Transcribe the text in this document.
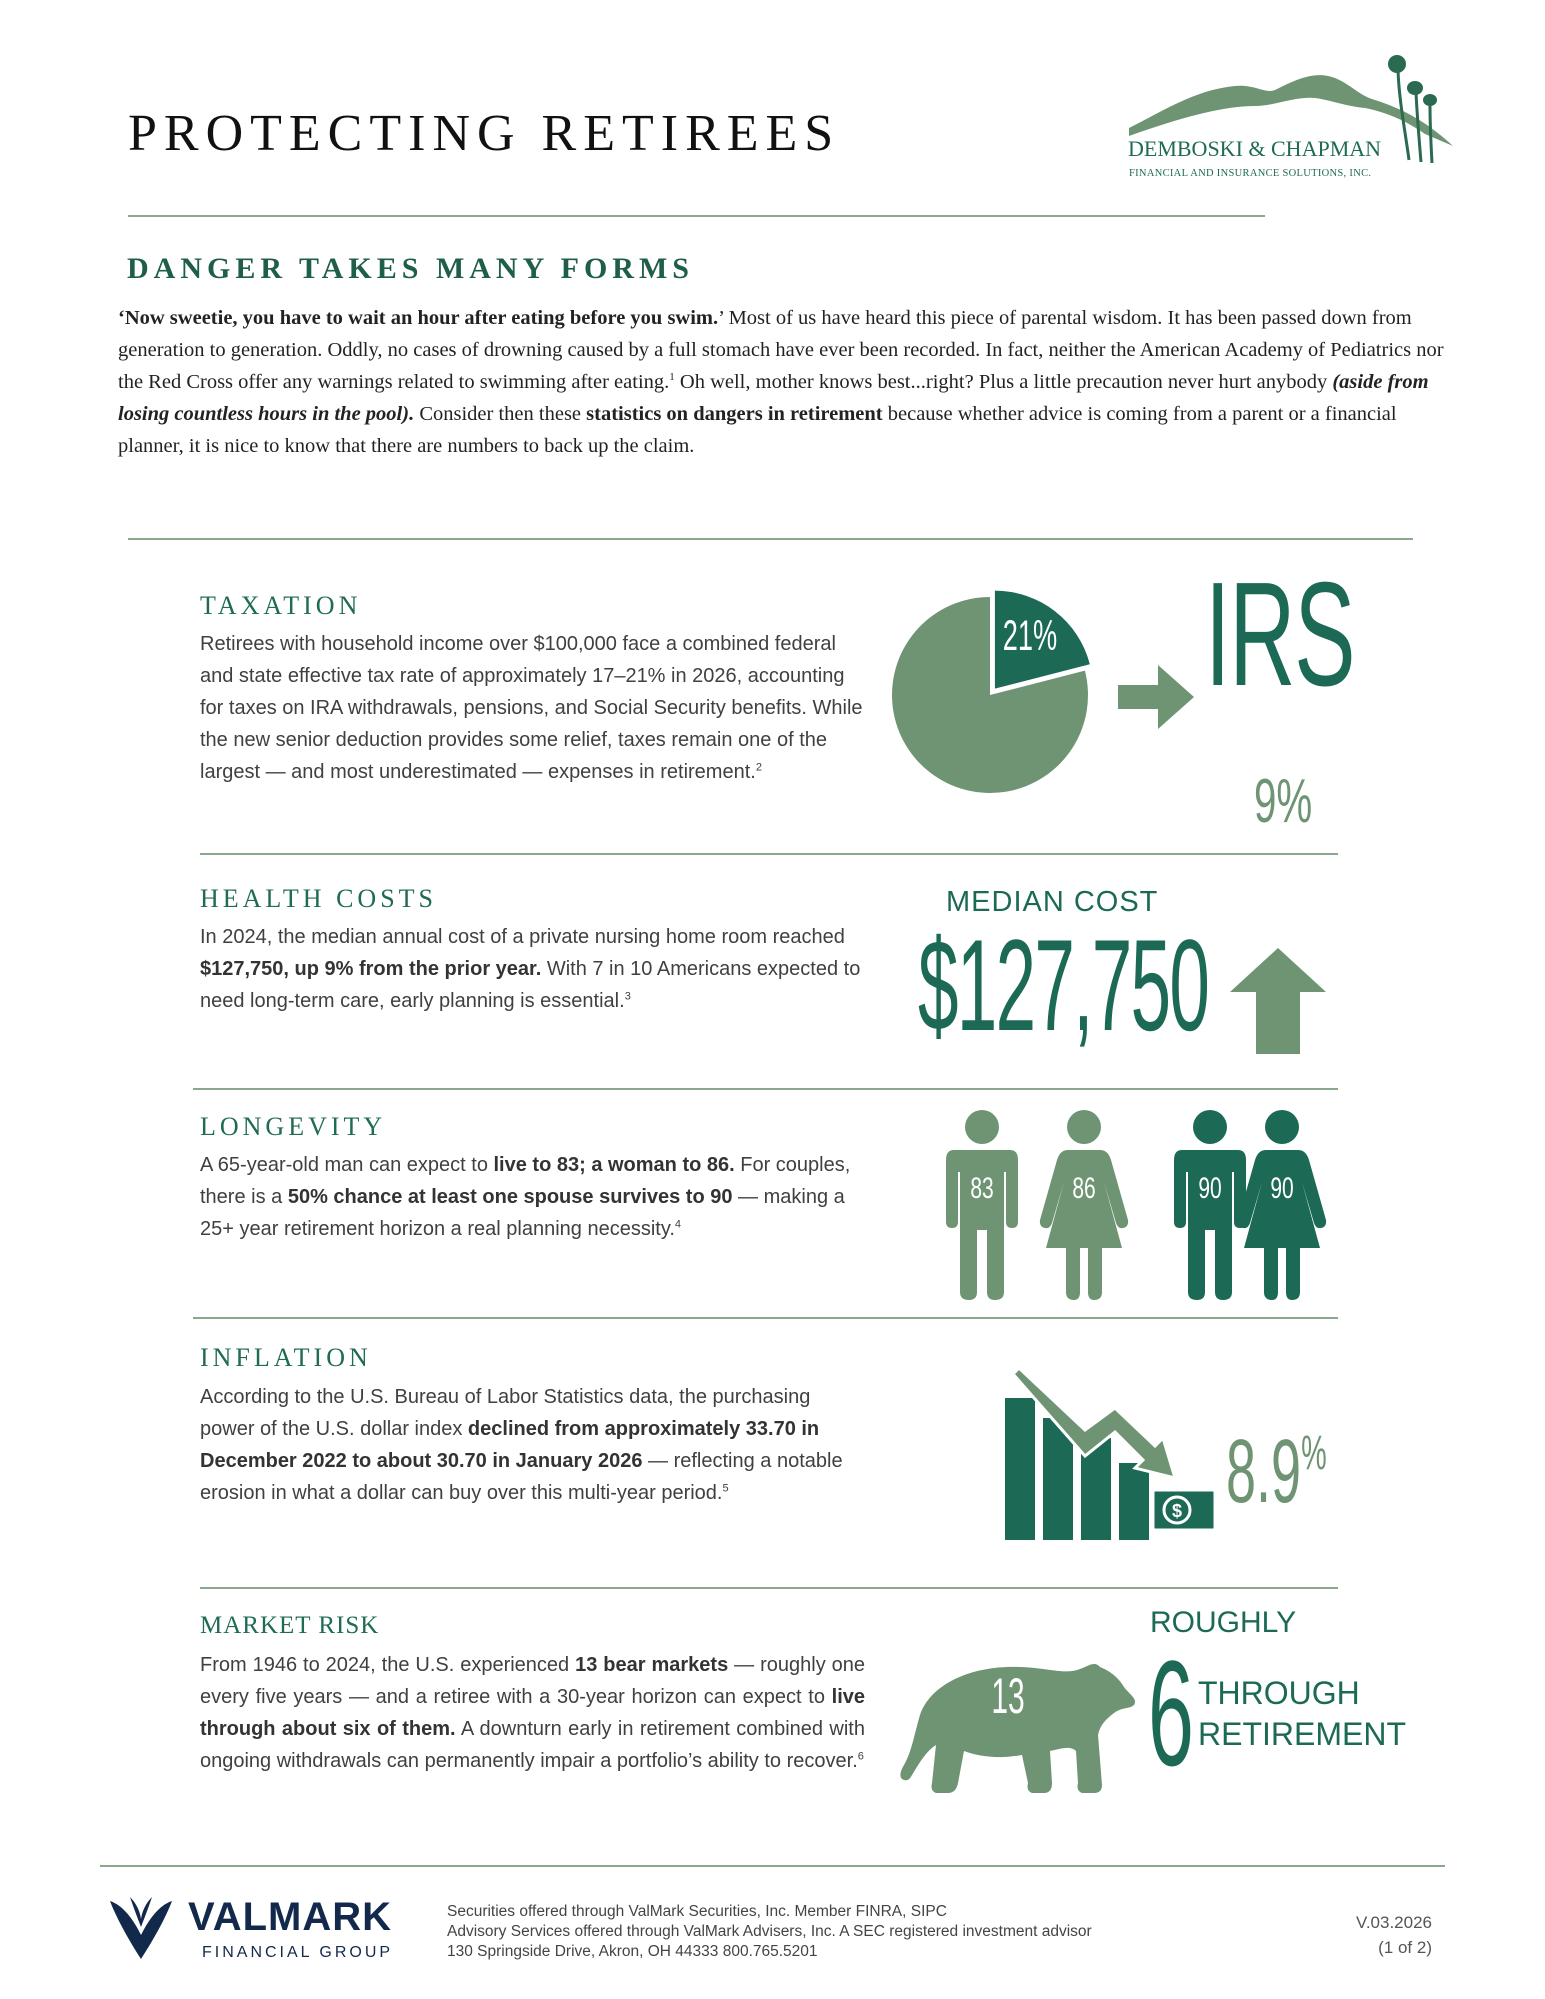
PROTECTING RETIREES	DEMBOSKI & CHAPMAN
FINANCIAL AND INSURANCE SOLUTIONS, INC.
DANGER TAKES MANY FORMS

‘Now sweetie, you have to wait an hour after eating before you swim.’ Most of us have heard this piece of parental wisdom. It has been passed down from generation to generation. Oddly, no cases of drowning caused by a full stomach have ever been recorded. In fact, neither the American Academy of Pediatrics nor the Red Cross offer any warnings related to swimming after eating.$^1$ Oh well, mother knows best...right? Plus a little precaution never hurt anybody (aside from losing countless hours in the pool). Consider then these statistics on dangers in retirement because whether advice is coming from a parent or a financial planner, it is nice to know that there are numbers to back up the claim.

TAXATION
Retirees with household income over $100,000 face a combined federal and state effective tax rate of approximately 17–21% in 2026, accounting for taxes on IRA withdrawals, pensions, and Social Security benefits. While the new senior deduction provides some relief, taxes remain one of the largest — and most underestimated — expenses in retirement.$^2$
21% IRS
9%
HEALTH COSTS
In 2024, the median annual cost of a private nursing home room reached $127,750, up 9% from the prior year. With 7 in 10 Americans expected to need long-term care, early planning is essential.$^3$
MEDIAN COST
$127,750
LONGEVITY
A 65-year-old man can expect to live to 83; a woman to 86. For couples, there is a 50% chance at least one spouse survives to 90 — making a 25+ year retirement horizon a real planning necessity.$^4$
83	86	90 90
INFLATION
According to the U.S. Bureau of Labor Statistics data, the purchasing power of the U.S. dollar index declined from approximately 33.70 in December 2022 to about 30.70 in January 2026 — reflecting a notable erosion in what a dollar can buy over this multi-year period.$^5$
$ 8.9%
MARKET RISK
From 1946 to 2024, the U.S. experienced 13 bear markets — roughly one every five years — and a retiree with a 30-year horizon can expect to live through about six of them. A downturn early in retirement combined with ongoing withdrawals can permanently impair a portfolio’s ability to recover.$^6$
13
ROUGHLY
6 THROUGH
RETIREMENT
VALMARK
FINANCIAL GROUP
Securities offered through ValMark Securities, Inc. Member FINRA, SIPC
Advisory Services offered through ValMark Advisers, Inc. A SEC registered investment advisor
130 Springside Drive, Akron, OH 44333 800.765.5201
V.03.2026
(1 of 2)
